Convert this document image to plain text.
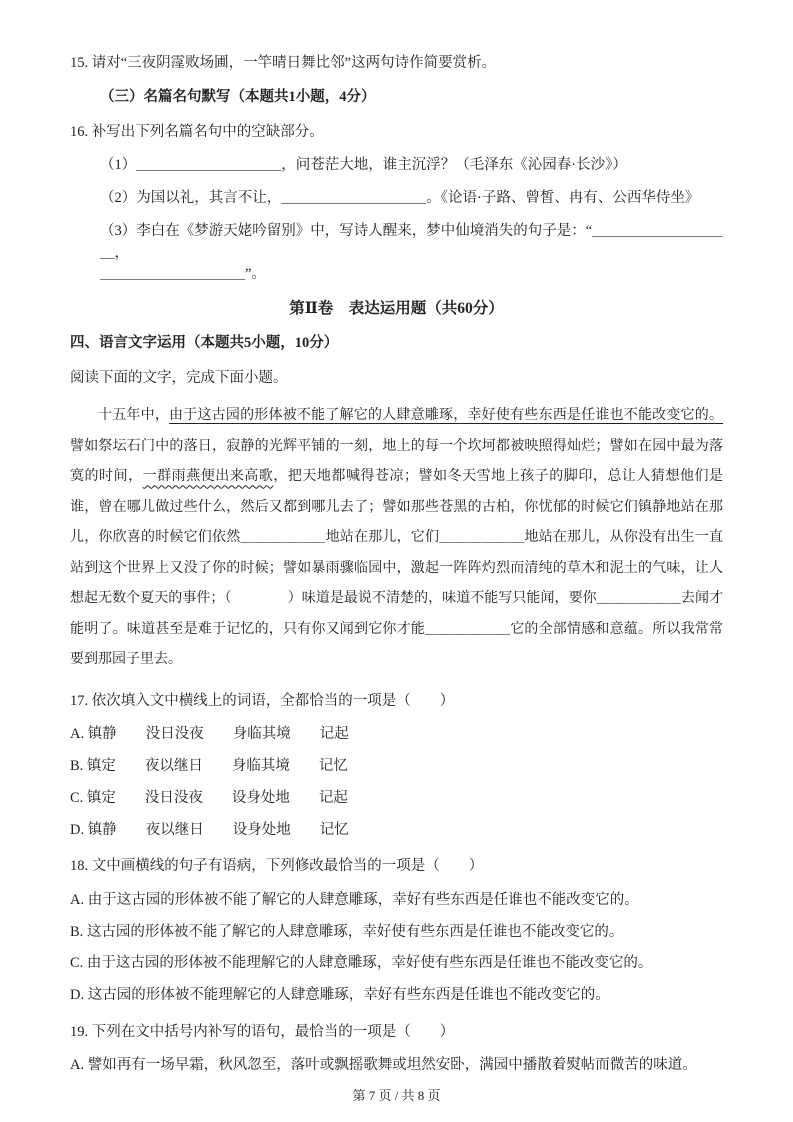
15. 请对“三夜阴霪败场圃，一竿晴日舞比邻”这两句诗作简要赏析。
（三）名篇名句默写（本题共1小题，4分）
16. 补写出下列名篇名句中的空缺部分。
（1）＿＿＿＿＿＿＿＿＿＿，问苍茫大地，谁主沉浮？（毛泽东《沁园春·长沙》）
（2）为国以礼，其言不让，＿＿＿＿＿＿＿＿＿＿。《论语·子路、曾皙、冉有、公西华侍坐》
（3）李白在《梦游天姥吟留别》中，写诗人醒来，梦中仙境消失的句子是：“＿＿＿＿＿＿＿＿＿＿，
＿＿＿＿＿＿＿＿＿＿”。
第Ⅱ卷　表达运用题（共60分）
四、语言文字运用（本题共5小题，10分）
阅读下面的文字，完成下面小题。

十五年中，由于这古园的形体被不能了解它的人肆意雕琢，幸好使有些东西是任谁也不能改变它的。譬如祭坛石门中的落日，寂静的光辉平铺的一刻，地上的每一个坎坷都被映照得灿烂；譬如在园中最为落寞的时间，一群雨燕便出来高歌，把天地都喊得苍凉；譬如冬天雪地上孩子的脚印，总让人猜想他们是谁，曾在哪儿做过些什么，然后又都到哪儿去了；譬如那些苍黑的古柏，你忧郁的时候它们镇静地站在那儿，你欣喜的时候它们依然＿＿＿＿＿＿地站在那儿，它们＿＿＿＿＿＿地站在那儿，从你没有出生一直站到这个世界上又没了你的时候；譬如暴雨骤临园中，激起一阵阵灼烈而清纯的草木和泥土的气味，让人想起无数个夏天的事件；（　　　　）味道是最说不清楚的，味道不能写只能闻，要你＿＿＿＿＿＿去闻才能明了。味道甚至是难于记忆的，只有你又闻到它你才能＿＿＿＿＿＿它的全部情感和意蕴。所以我常常要到那园子里去。

17. 依次填入文中横线上的词语，全都恰当的一项是（　　）
A. 镇静　　没日没夜　　身临其境　　记起
B. 镇定　　夜以继日　　身临其境　　记忆
C. 镇定　　没日没夜　　设身处地　　记起
D. 镇静　　夜以继日　　设身处地　　记忆
18. 文中画横线的句子有语病，下列修改最恰当的一项是（　　）
A. 由于这古园的形体被不能了解它的人肆意雕琢，幸好有些东西是任谁也不能改变它的。
B. 这古园的形体被不能了解它的人肆意雕琢，幸好使有些东西是任谁也不能改变它的。
C. 由于这古园的形体被不能理解它的人肆意雕琢，幸好使有些东西是任谁也不能改变它的。
D. 这古园的形体被不能理解它的人肆意雕琢，幸好有些东西是任谁也不能改变它的。
19. 下列在文中括号内补写的语句，最恰当的一项是（　　）
A. 譬如再有一场早霜，秋风忽至，落叶或飘摇歌舞或坦然安卧，满园中播散着熨帖而微苦的味道。
第 7 页 / 共 8 页
